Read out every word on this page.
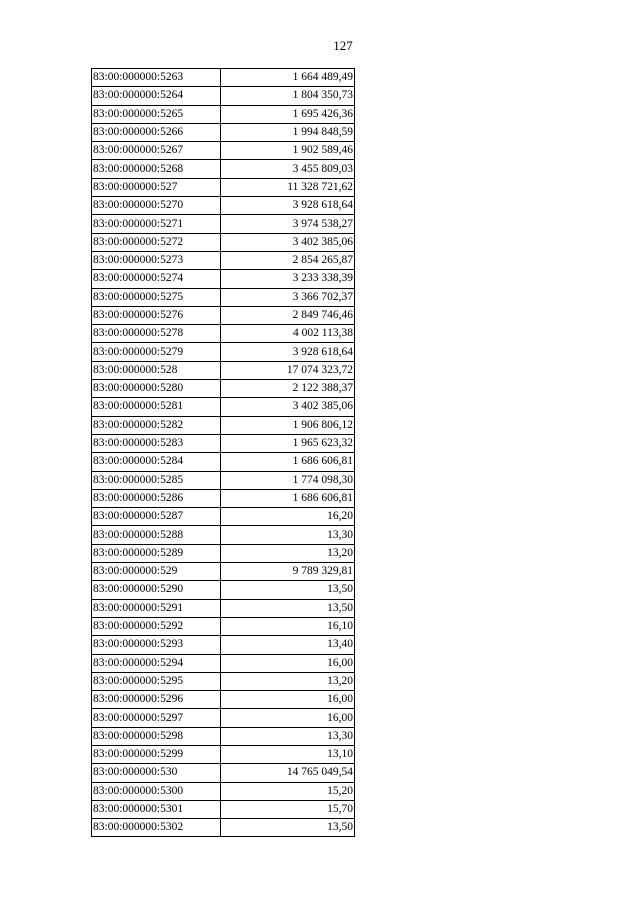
127
83:00:000000:5263	1 664 489,49
83:00:000000:5264	1 804 350,73
83:00:000000:5265	1 695 426,36
83:00:000000:5266	1 994 848,59
83:00:000000:5267	1 902 589,46
83:00:000000:5268	3 455 809,03
83:00:000000:527	11 328 721,62
83:00:000000:5270	3 928 618,64
83:00:000000:5271	3 974 538,27
83:00:000000:5272	3 402 385,06
83:00:000000:5273	2 854 265,87
83:00:000000:5274	3 233 338,39
83:00:000000:5275	3 366 702,37
83:00:000000:5276	2 849 746,46
83:00:000000:5278	4 002 113,38
83:00:000000:5279	3 928 618,64
83:00:000000:528	17 074 323,72
83:00:000000:5280	2 122 388,37
83:00:000000:5281	3 402 385,06
83:00:000000:5282	1 906 806,12
83:00:000000:5283	1 965 623,32
83:00:000000:5284	1 686 606,81
83:00:000000:5285	1 774 098,30
83:00:000000:5286	1 686 606,81
83:00:000000:5287	16,20
83:00:000000:5288	13,30
83:00:000000:5289	13,20
83:00:000000:529	9 789 329,81
83:00:000000:5290	13,50
83:00:000000:5291	13,50
83:00:000000:5292	16,10
83:00:000000:5293	13,40
83:00:000000:5294	16,00
83:00:000000:5295	13,20
83:00:000000:5296	16,00
83:00:000000:5297	16,00
83:00:000000:5298	13,30
83:00:000000:5299	13,10
83:00:000000:530	14 765 049,54
83:00:000000:5300	15,20
83:00:000000:5301	15,70
83:00:000000:5302	13,50
